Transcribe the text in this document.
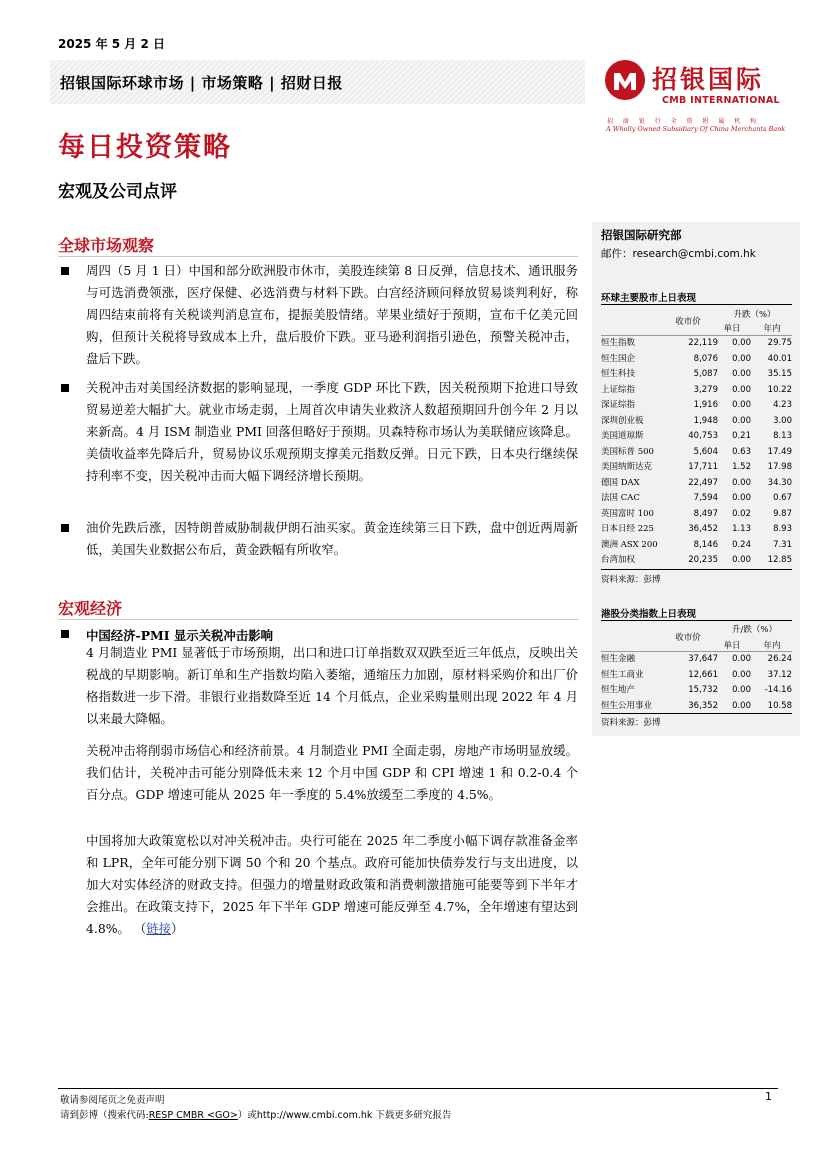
2025 年 5 月 2 日
招银国际环球市场 | 市场策略 | 招财日报	招银国际
CMB INTERNATIONAL
招 商 银 行 全 资 附 属 机 构
A Wholly Owned Subsidiary Of China Merchants Bank
每日投资策略
宏观及公司点评
全球市场观察
周四（5 月 1 日）中国和部分欧洲股市休市，美股连续第 8 日反弹，信息技术、通讯服务与可选消费领涨，医疗保健、必选消费与材料下跌。白宫经济顾问释放贸易谈判利好，称周四结束前将有关税谈判消息宣布，提振美股情绪。苹果业绩好于预期，宣布千亿美元回购，但预计关税将导致成本上升，盘后股价下跌。亚马逊利润指引逊色，预警关税冲击，盘后下跌。
关税冲击对美国经济数据的影响显现，一季度 GDP 环比下跌，因关税预期下抢进口导致贸易逆差大幅扩大。就业市场走弱，上周首次申请失业救济人数超预期回升创今年 2 月以来新高。4 月 ISM 制造业 PMI 回落但略好于预期。贝森特称市场认为美联储应该降息。美债收益率先降后升，贸易协议乐观预期支撑美元指数反弹。日元下跌，日本央行继续保持利率不变，因关税冲击而大幅下调经济增长预期。
油价先跌后涨，因特朗普威胁制裁伊朗石油买家。黄金连续第三日下跌，盘中创近两周新低，美国失业数据公布后，黄金跌幅有所收窄。
宏观经济
中国经济-PMI 显示关税冲击影响
4 月制造业 PMI 显著低于市场预期，出口和进口订单指数双双跌至近三年低点，反映出关税战的早期影响。新订单和生产指数均陷入萎缩，通缩压力加剧，原材料采购价和出厂价格指数进一步下滑。非银行业指数降至近 14 个月低点，企业采购量则出现 2022 年 4 月以来最大降幅。
关税冲击将削弱市场信心和经济前景。4 月制造业 PMI 全面走弱，房地产市场明显放缓。我们估计，关税冲击可能分别降低未来 12 个月中国 GDP 和 CPI 增速 1 和 0.2-0.4 个百分点。GDP 增速可能从 2025 年一季度的 5.4%放缓至二季度的 4.5%。
中国将加大政策宽松以对冲关税冲击。央行可能在 2025 年二季度小幅下调存款准备金率和 LPR，全年可能分别下调 50 个和 20 个基点。政府可能加快债券发行与支出进度，以加大对实体经济的财政支持。但强力的增量财政政策和消费刺激措施可能要等到下半年才会推出。在政策支持下，2025 年下半年 GDP 增速可能反弹至 4.7%，全年增速有望达到 4.8%。 （链接）
招银国际研究部
邮件：research@cmbi.com.hk
环球主要股市上日表现
升跌（%）
收市价
单日	年内
恒生指数	22,119	0.00	29.75
恒生国企	8,076	0.00	40.01
恒生科技	5,087	0.00	35.15
上证综指	3,279	0.00	10.22
深证综指	1,916	0.00	4.23
深圳创业板	1,948	0.00	3.00
美国道琼斯	40,753	0.21	8.13
美国标普 500	5,604	0.63	17.49
美国纳斯达克	17,711	1.52	17.98
德国 DAX	22,497	0.00	34.30
法国 CAC	7,594	0.00	0.67
英国富时 100	8,497	0.02	9.87
日本日经 225	36,452	1.13	8.93
澳洲 ASX 200	8,146	0.24	7.31
台湾加权	20,235	0.00	12.85
资料来源：彭博
港股分类指数上日表现
升/跌（%）
收市价
单日	年内
恒生金融	37,647	0.00	26.24
恒生工商业	12,661	0.00	37.12
恒生地产	15,732	0.00	-14.16
恒生公用事业	36,352	0.00	10.58
资料来源：彭博
敬请参阅尾页之免责声明
请到彭博（搜索代码:RESP CMBR <GO>）或http://www.cmbi.com.hk 下载更多研究报告
1
